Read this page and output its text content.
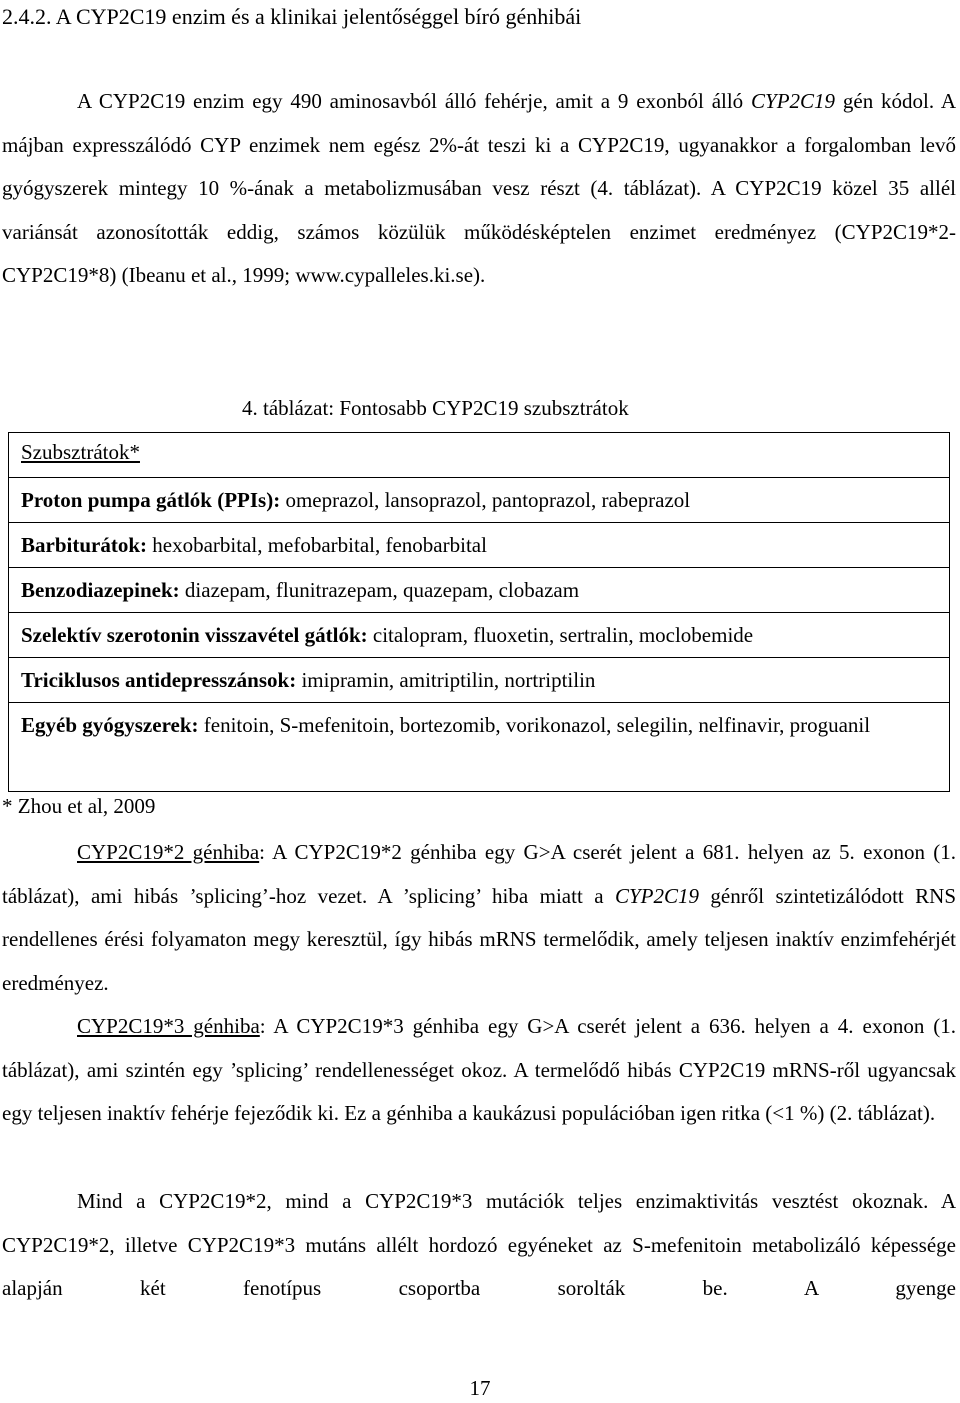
2.4.2. A CYP2C19 enzim és a klinikai jelentőséggel bíró génhibái
A CYP2C19 enzim egy 490 aminosavból álló fehérje, amit a 9 exonból álló CYP2C19 gén kódol. A májban expresszálódó CYP enzimek nem egész 2%-át teszi ki a CYP2C19, ugyanakkor a forgalomban levő gyógyszerek mintegy 10 %-ának a metabolizmusában vesz részt (4. táblázat). A CYP2C19 közel 35 allél variánsát azonosították eddig, számos közülük működésképtelen enzimet eredményez (CYP2C19*2-CYP2C19*8) (Ibeanu et al., 1999; www.cypalleles.ki.se).
4. táblázat: Fontosabb CYP2C19 szubsztrátok
Szubsztrátok*
Proton pumpa gátlók (PPIs): omeprazol, lansoprazol, pantoprazol, rabeprazol
Barbiturátok: hexobarbital, mefobarbital, fenobarbital
Benzodiazepinek: diazepam, flunitrazepam, quazepam, clobazam
Szelektív szerotonin visszavétel gátlók: citalopram, fluoxetin, sertralin, moclobemide
Triciklusos antidepresszánsok: imipramin, amitriptilin, nortriptilin
Egyéb gyógyszerek: fenitoin, S-mefenitoin, bortezomib, vorikonazol, selegilin, nelfinavir, proguanil
* Zhou et al, 2009
CYP2C19*2 génhiba: A CYP2C19*2 génhiba egy G>A cserét jelent a 681. helyen az 5. exonon (1. táblázat), ami hibás ’splicing’-hoz vezet. A ’splicing’ hiba miatt a CYP2C19 génről szintetizálódott RNS rendellenes érési folyamaton megy keresztül, így hibás mRNS termelődik, amely teljesen inaktív enzimfehérjét eredményez.
CYP2C19*3 génhiba: A CYP2C19*3 génhiba egy G>A cserét jelent a 636. helyen a 4. exonon (1. táblázat), ami szintén egy ’splicing’ rendellenességet okoz. A termelődő hibás CYP2C19 mRNS-ről ugyancsak egy teljesen inaktív fehérje fejeződik ki. Ez a génhiba a kaukázusi populációban igen ritka (<1 %) (2. táblázat).
Mind a CYP2C19*2, mind a CYP2C19*3 mutációk teljes enzimaktivitás vesztést okoznak. A CYP2C19*2, illetve CYP2C19*3 mutáns allélt hordozó egyéneket az S-mefenitoin metabolizáló képessége alapján két fenotípus csoportba sorolták be. A gyenge
17
